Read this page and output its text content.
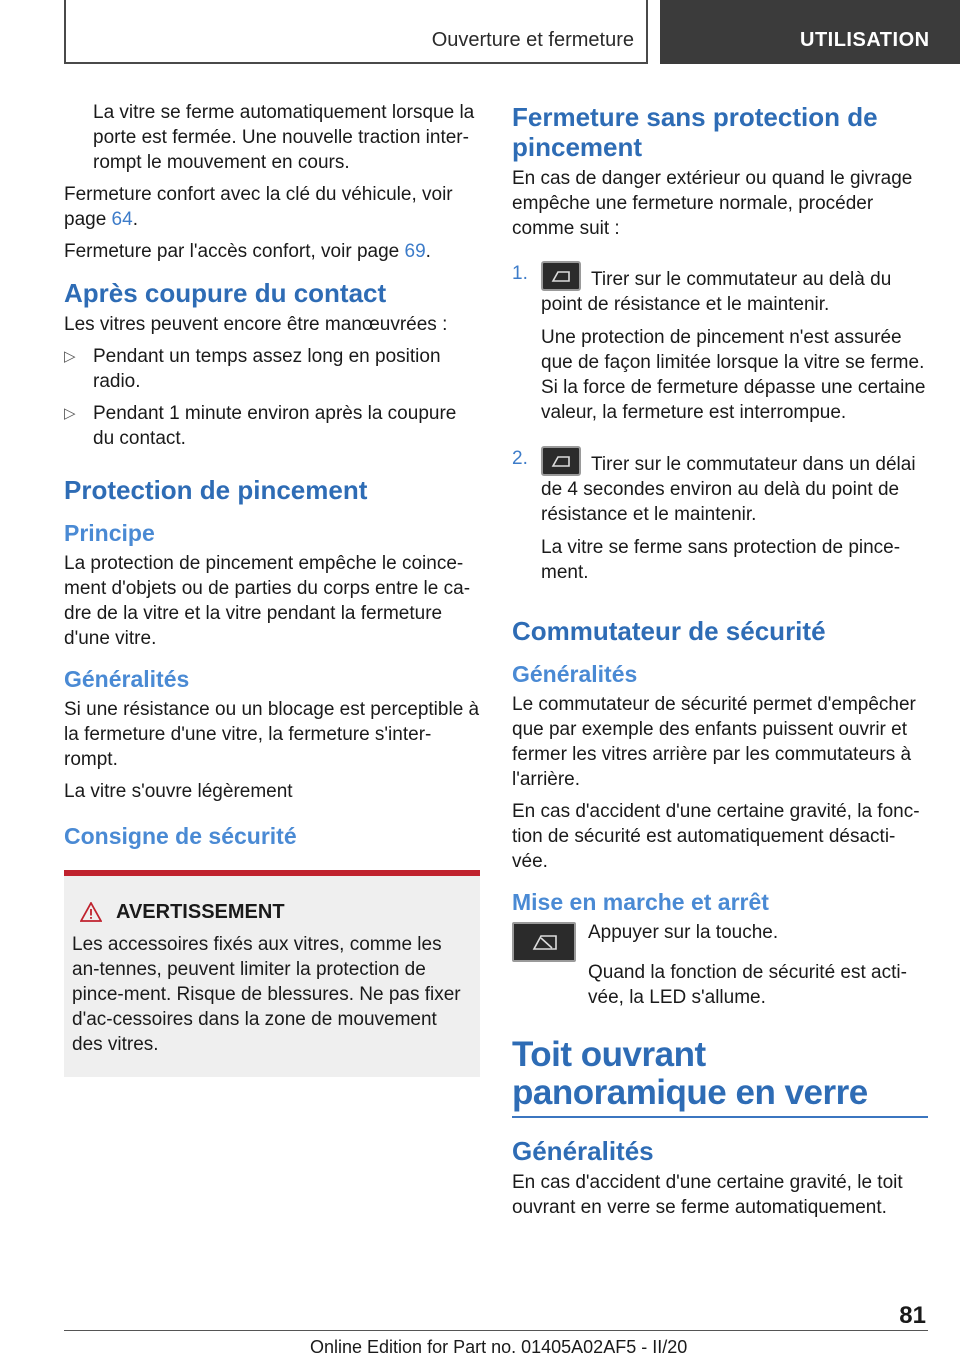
Ouverture et fermeture	UTILISATION

La vitre se ferme automatiquement lorsque la porte est fermée. Une nouvelle traction inter-rompt le mouvement en cours.

Fermeture confort avec la clé du véhicule, voir page 64.

Fermeture par l'accès confort, voir page 69.

Après coupure du contact

Les vitres peuvent encore être manœuvrées :

▷ Pendant un temps assez long en position radio.
▷ Pendant 1 minute environ après la coupure du contact.
Protection de pincement
Principe

La protection de pincement empêche le coince-ment d'objets ou de parties du corps entre le ca-dre de la vitre et la vitre pendant la fermeture d'une vitre.

Généralités

Si une résistance ou un blocage est perceptible à la fermeture d'une vitre, la fermeture s'inter-rompt.

La vitre s'ouvre légèrement

Consigne de sécurité
AVERTISSEMENT

Les accessoires fixés aux vitres, comme les an-tennes, peuvent limiter la protection de pince-ment. Risque de blessures. Ne pas fixer d'ac-cessoires dans la zone de mouvement des vitres.

Fermeture sans protection de pincement

En cas de danger extérieur ou quand le givrage empêche une fermeture normale, procéder comme suit :

1.	Tirer sur le commutateur au delà du point de résistance et le maintenir.

Une protection de pincement n'est assurée que de façon limitée lorsque la vitre se ferme. Si la force de fermeture dépasse une certaine valeur, la fermeture est interrompue.

2.	Tirer sur le commutateur dans un délai de 4 secondes environ au delà du point de résistance et le maintenir.

La vitre se ferme sans protection de pince-ment.

Commutateur de sécurité
Généralités

Le commutateur de sécurité permet d'empêcher que par exemple des enfants puissent ouvrir et fermer les vitres arrière par les commutateurs à l'arrière.

En cas d'accident d'une certaine gravité, la fonc-tion de sécurité est automatiquement désacti-vée.

Mise en marche et arrêt

Appuyer sur la touche.

Quand la fonction de sécurité est acti-vée, la LED s'allume.

Toit ouvrant panoramique en verre
Généralités

En cas d'accident d'une certaine gravité, le toit ouvrant en verre se ferme automatiquement.

81
Online Edition for Part no. 01405A02AF5 - II/20
